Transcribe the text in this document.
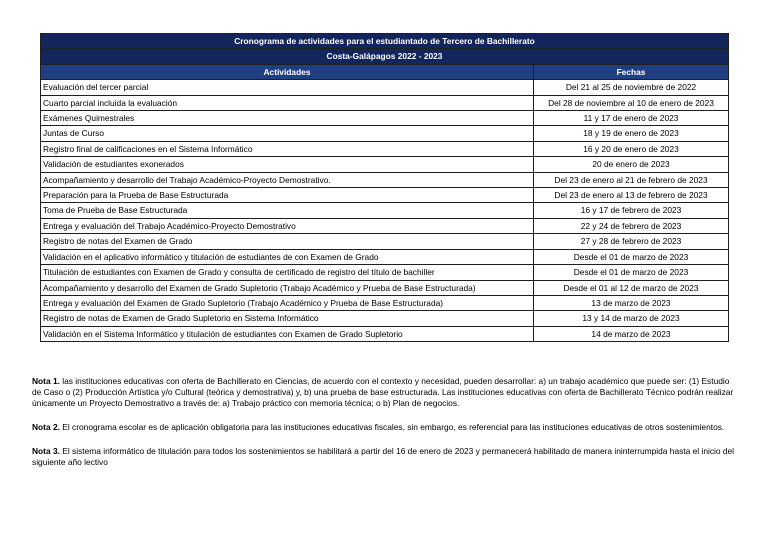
Cronograma de actividades para el estudiantado de Tercero de Bachillerato	
Costa-Galápagos 2022 - 2023	
Actividades	Fechas
Evaluación del tercer parcial	Del 21 al 25 de noviembre de 2022
Cuarto parcial incluida la evaluación	Del 28 de noviembre al 10 de enero de 2023
Exámenes Quimestrales	11 y 17 de enero de 2023
Juntas de Curso	18 y 19 de enero de 2023
Registro final de calificaciones en el Sistema Informático	16 y 20 de enero de 2023
Validación de estudiantes exonerados	20 de enero de 2023
Acompañamiento y desarrollo del Trabajo Académico-Proyecto Demostrativo.	Del 23 de enero al 21 de febrero de 2023
Preparación para la Prueba de Base Estructurada	Del 23 de enero al 13 de febrero de 2023
Toma de Prueba de Base Estructurada	16 y 17 de febrero de 2023
Entrega y evaluación del Trabajo Académico-Proyecto Demostrativo	22 y 24 de febrero de 2023
Registro de notas del Examen de Grado	27 y 28 de febrero de 2023
Validación en el aplicativo informático y titulación de estudiantes de con Examen de Grado	Desde el 01 de marzo de 2023
Titulación de estudiantes con Examen de Grado y consulta de certificado de registro del título de bachiller	Desde el 01 de marzo de 2023
Acompañamiento y desarrollo del Examen de Grado Supletorio (Trabajo Académico y Prueba de Base Estructurada)	Desde el 01 al 12 de marzo de 2023
Entrega y evaluación del Examen de Grado Supletorio (Trabajo Académico y Prueba de Base Estructurada)	13 de marzo de 2023
Registro de notas de Examen de Grado Supletorio en Sistema Informático	13 y 14 de marzo de 2023
Validación en el Sistema Informático y titulación de estudiantes con Examen de Grado Supletorio	14 de marzo de 2023

Nota 1. las instituciones educativas con oferta de Bachillerato en Ciencias, de acuerdo con el contexto y necesidad, pueden desarrollar: a) un trabajo académico que puede ser: (1) Estudio de Caso o (2) Producción Artística y/o Cultural (teórica y demostrativa) y, b) una prueba de base estructurada. Las instituciones educativas con oferta de Bachillerato Técnico podrán realizar únicamente un Proyecto Demostrativo a través de: a) Trabajo práctico con memoria técnica; o b) Plan de negocios.

Nota 2. El cronograma escolar es de aplicación obligatoria para las instituciones educativas fiscales, sin embargo, es referencial para las instituciones educativas de otros sostenimientos.

Nota 3. El sistema informático de titulación para todos los sostenimientos se habilitará a partir del 16 de enero de 2023 y permanecerá habilitado de manera ininterrumpida hasta el inicio del siguiente año lectivo
